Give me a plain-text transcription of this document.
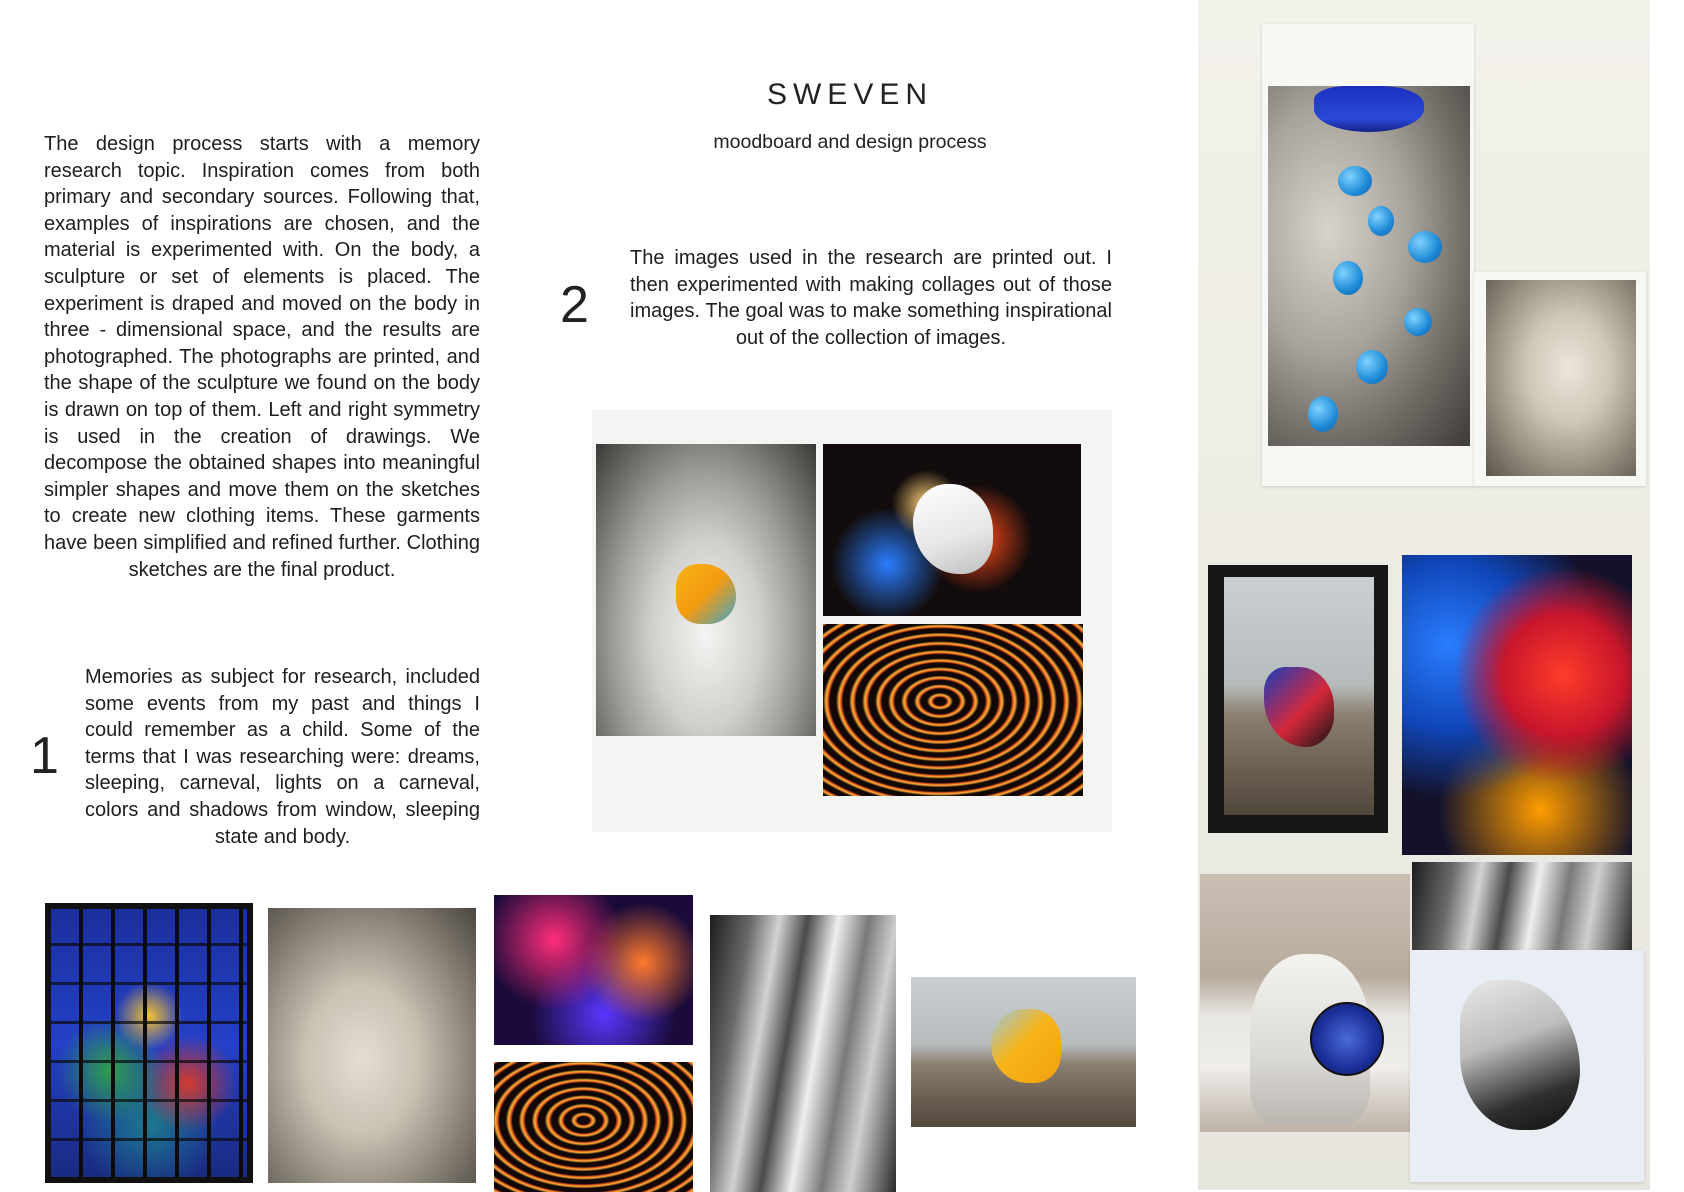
SWEVEN
moodboard and design process

The design process starts with a memory research topic. Inspiration comes from both primary and secondary sources. Following that, examples of inspirations are chosen, and the material is experimented with. On the body, a sculpture or set of elements is placed. The experiment is draped and moved on the body in three - dimensional space, and the results are photographed. The photographs are printed, and the shape of the sculpture we found on the body is drawn on top of them. Left and right symmetry is used in the creation of drawings. We decompose the obtained shapes into meaningful simpler shapes and move them on the sketches to create new clothing items. These garments have been simplified and refined further. Clothing sketches are the final product.

1

Memories as subject for research, included some events from my past and things I could remember as a child. Some of the terms that I was researching were: dreams, sleeping, carneval, lights on a carneval, colors and shadows from window, sleeping state and body.

2

The images used in the research are printed out. I then experimented with making collages out of those images. The goal was to make something inspirational out of the collection of images.
